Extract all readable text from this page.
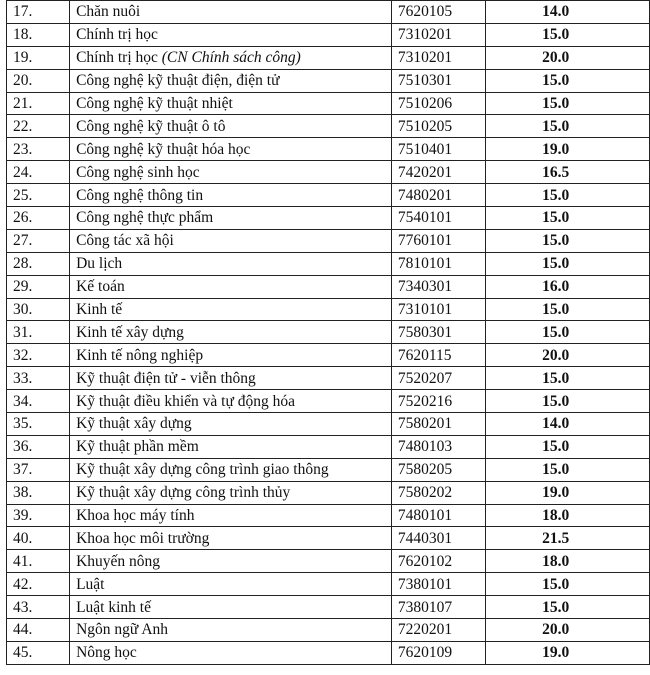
17.	Chăn nuôi	7620105	14.0
18.	Chính trị học	7310201	15.0
19.	Chính trị học (CN Chính sách công)	7310201	20.0
20.	Công nghệ kỹ thuật điện, điện tử	7510301	15.0
21.	Công nghệ kỹ thuật nhiệt	7510206	15.0
22.	Công nghệ kỹ thuật ô tô	7510205	15.0
23.	Công nghệ kỹ thuật hóa học	7510401	19.0
24.	Công nghệ sinh học	7420201	16.5
25.	Công nghệ thông tin	7480201	15.0
26.	Công nghệ thực phẩm	7540101	15.0
27.	Công tác xã hội	7760101	15.0
28.	Du lịch	7810101	15.0
29.	Kế toán	7340301	16.0
30.	Kinh tế	7310101	15.0
31.	Kinh tế xây dựng	7580301	15.0
32.	Kinh tế nông nghiệp	7620115	20.0
33.	Kỹ thuật điện tử - viễn thông	7520207	15.0
34.	Kỹ thuật điều khiển và tự động hóa	7520216	15.0
35.	Kỹ thuật xây dựng	7580201	14.0
36.	Kỹ thuật phần mềm	7480103	15.0
37.	Kỹ thuật xây dựng công trình giao thông	7580205	15.0
38.	Kỹ thuật xây dựng công trình thủy	7580202	19.0
39.	Khoa học máy tính	7480101	18.0
40.	Khoa học môi trường	7440301	21.5
41.	Khuyến nông	7620102	18.0
42.	Luật	7380101	15.0
43.	Luật kinh tế	7380107	15.0
44.	Ngôn ngữ Anh	7220201	20.0
45.	Nông học	7620109	19.0
